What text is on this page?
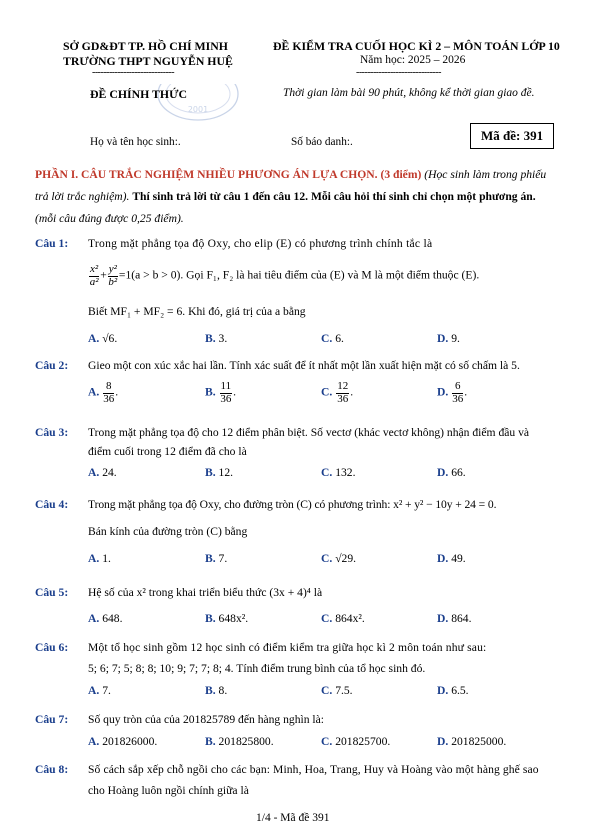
SỞ GD&ĐT TP. HỒ CHÍ MINH
TRƯỜNG THPT NGUYỄN HUỆ
-----------------------------
2001
ĐỀ CHÍNH THỨC
ĐỀ KIỂM TRA CUỐI HỌC KÌ 2 – MÔN TOÁN LỚP 10
Năm học: 2025 – 2026
------------------------------
Thời gian làm bài 90 phút, không kể thời gian giao đề.
Họ và tên học sinh:.	Số báo danh:.	Mã đề: 391
PHẦN I. CÂU TRẮC NGHIỆM NHIỀU PHƯƠNG ÁN LỰA CHỌN. (3 điểm) (Học sinh làm trong phiếu trả lời trắc nghiệm). Thí sinh trả lời từ câu 1 đến câu 12. Mỗi câu hỏi thí sinh chỉ chọn một phương án. (mỗi câu đúng được 0,25 điểm).
Câu 1: Trong mặt phẳng tọa độ Oxy, cho elip (E) có phương trình chính tắc là
$\frac{\text{x²}}{\text{a²}} + \frac{\text{y²}}{\text{b²}} =1(a > b > 0)$. Gọi F₁, F₂ là hai tiêu điểm của (E) và M là một điểm thuộc (E).
Biết MF₁ + MF₂ = 6. Khi đó, giá trị của a bằng
A. √6.	B. 3.	C. 6.	D. 9.
Câu 2: Gieo một con xúc xắc hai lần. Tính xác suất để ít nhất một lần xuất hiện mặt có số chấm là 5.
A. $\frac{8}{36}$ .	B. $\frac{11}{36}$ .	C. $\frac{12}{36}$ .	D. $\frac{6}{36}$ .
Câu 3: Trong mặt phẳng tọa độ cho 12 điểm phân biệt. Số vectơ (khác vectơ không) nhận điểm đầu và
điểm cuối trong 12 điểm đã cho là
A. 24.	B. 12.	C. 132.	D. 66.
Câu 4: Trong mặt phẳng tọa độ Oxy, cho đường tròn (C) có phương trình: x² + y² − 10y + 24 = 0.
Bán kính của đường tròn (C) bằng
A. 1.	B. 7.	C. √29.	D. 49.
Câu 5: Hệ số của x² trong khai triển biểu thức (3x + 4)⁴ là
A. 648.	B. 648x².	C. 864x².	D. 864.
Câu 6: Một tổ học sinh gồm 12 học sinh có điểm kiểm tra giữa học kì 2 môn toán như sau:
5; 6; 7; 5; 8; 8; 10; 9; 7; 7; 8; 4. Tính điểm trung bình của tổ học sinh đó.
A. 7.	B. 8.	C. 7.5.	D. 6.5.
Câu 7: Số quy tròn của của 201825789 đến hàng nghìn là:
A. 201826000.	B. 201825800.	C. 201825700.	D. 201825000.
Câu 8: Số cách sắp xếp chỗ ngồi cho các bạn: Minh, Hoa, Trang, Huy và Hoàng vào một hàng ghế sao
cho Hoàng luôn ngồi chính giữa là
1/4 - Mã đề 391
